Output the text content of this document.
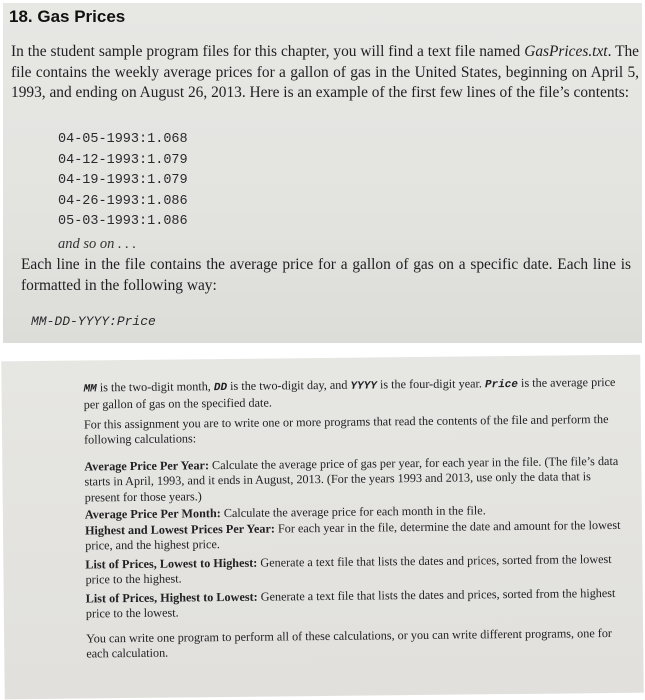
18. Gas Prices
In the student sample program files for this chapter, you will find a text file named GasPrices.txt. The file contains the weekly average prices for a gallon of gas in the United States, beginning on April 5, 1993, and ending on August 26, 2013. Here is an example of the first few lines of the file’s contents:
04-05-1993:1.068
04-12-1993:1.079
04-19-1993:1.079
04-26-1993:1.086
05-03-1993:1.086
and so on . . .
Each line in the file contains the average price for a gallon of gas on a specific date. Each line is formatted in the following way:
MM-DD-YYYY:Price
MM is the two-digit month, DD is the two-digit day, and YYYY is the four-digit year. Price is the average price per gallon of gas on the specified date.
For this assignment you are to write one or more programs that read the contents of the file and perform the following calculations:
Average Price Per Year: Calculate the average price of gas per year, for each year in the file. (The file’s data starts in April, 1993, and it ends in August, 2013. (For the years 1993 and 2013, use only the data that is present for those years.)
Average Price Per Month: Calculate the average price for each month in the file.
Highest and Lowest Prices Per Year: For each year in the file, determine the date and amount for the lowest price, and the highest price.
List of Prices, Lowest to Highest: Generate a text file that lists the dates and prices, sorted from the lowest price to the highest.
List of Prices, Highest to Lowest: Generate a text file that lists the dates and prices, sorted from the highest price to the lowest.
You can write one program to perform all of these calculations, or you can write different programs, one for each calculation.
